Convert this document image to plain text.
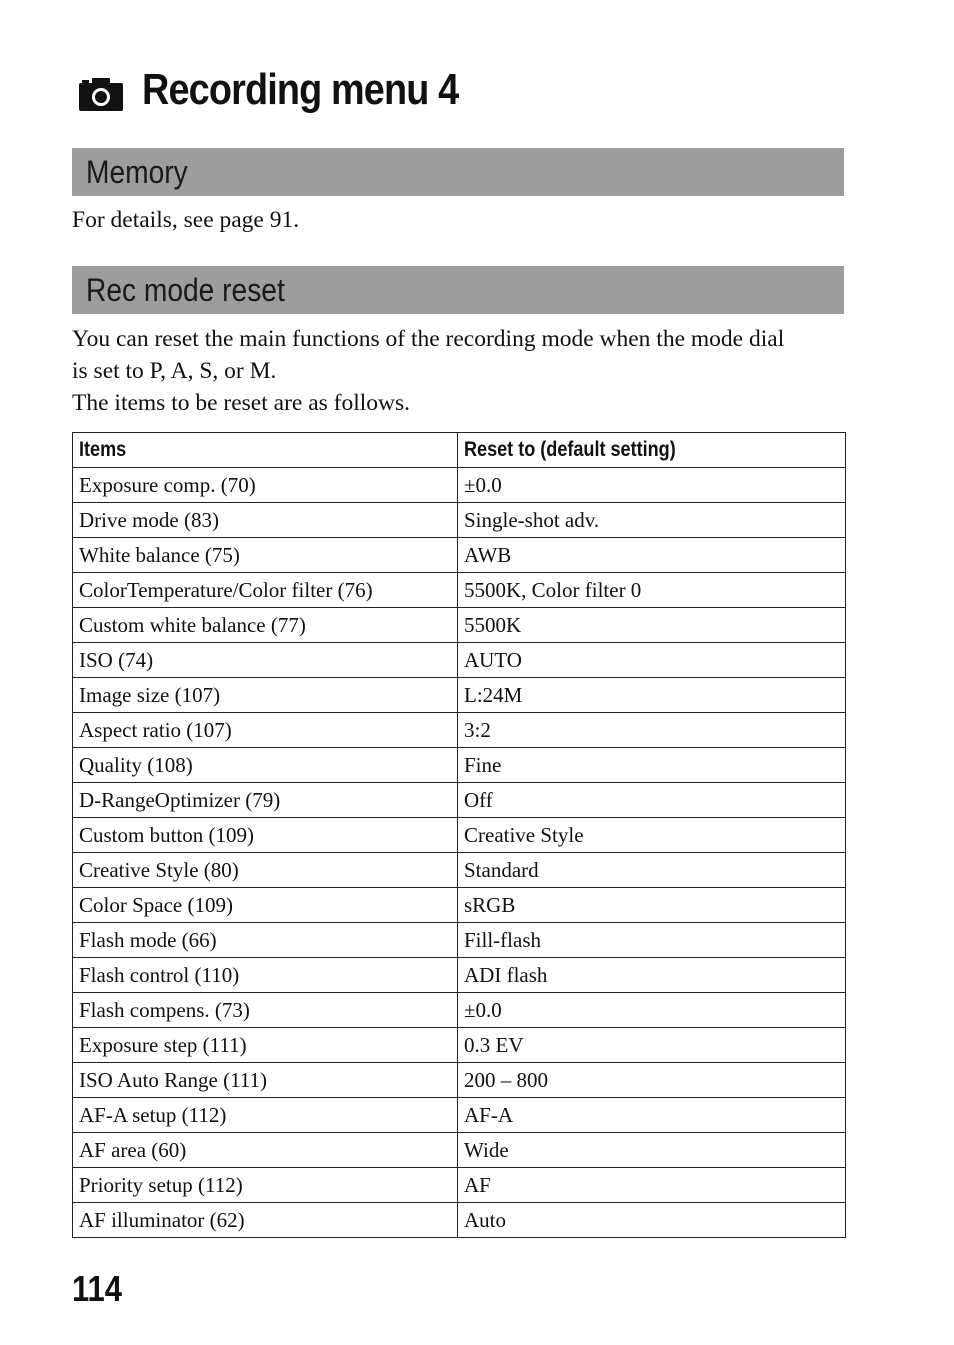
Recording menu 4
Memory

For details, see page 91.

Rec mode reset

You can reset the main functions of the recording mode when the mode dial
is set to P, A, S, or M.
The items to be reset are as follows.

Items	Reset to (default setting)
Exposure comp. (70)	±0.0
Drive mode (83)	Single-shot adv.
White balance (75)	AWB
ColorTemperature/Color filter (76)	5500K, Color filter 0
Custom white balance (77)	5500K
ISO (74)	AUTO
Image size (107)	L:24M
Aspect ratio (107)	3:2
Quality (108)	Fine
D-RangeOptimizer (79)	Off
Custom button (109)	Creative Style
Creative Style (80)	Standard
Color Space (109)	sRGB
Flash mode (66)	Fill-flash
Flash control (110)	ADI flash
Flash compens. (73)	±0.0
Exposure step (111)	0.3 EV
ISO Auto Range (111)	200 – 800
AF-A setup (112)	AF-A
AF area (60)	Wide
Priority setup (112)	AF
AF illuminator (62)	Auto
114
